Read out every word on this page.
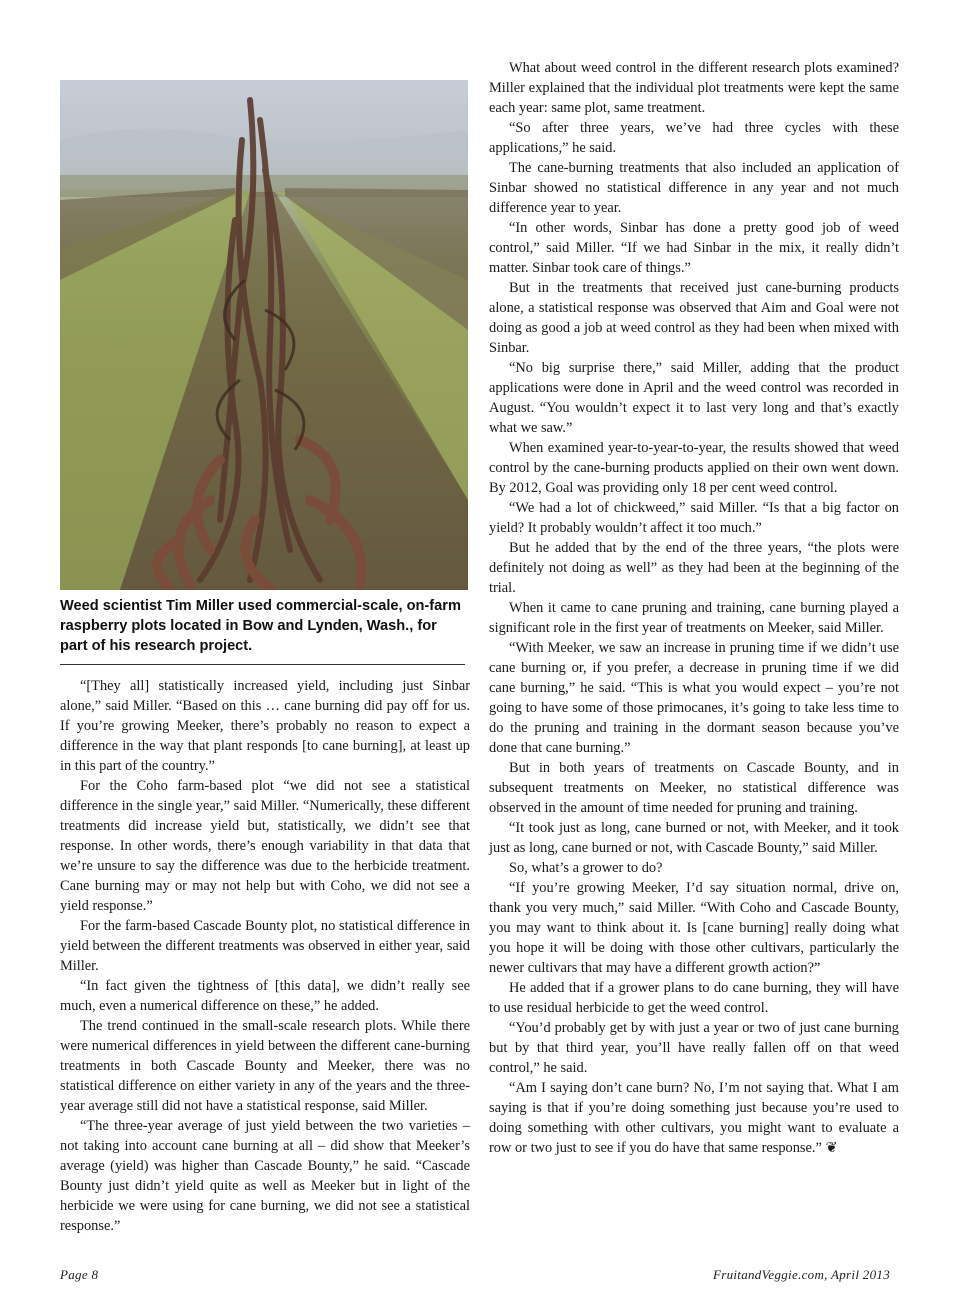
Weed scientist Tim Miller used commercial-scale, on-farm raspberry plots located in Bow and Lynden, Wash., for part of his research project.

“[They all] statistically increased yield, including just Sinbar alone,” said Miller. “Based on this … cane burning did pay off for us. If you’re growing Meeker, there’s probably no reason to expect a difference in the way that plant responds [to cane burning], at least up in this part of the country.”

For the Coho farm-based plot “we did not see a statistical difference in the single year,” said Miller. “Numerically, these different treatments did increase yield but, statistically, we didn’t see that response. In other words, there’s enough variability in that data that we’re unsure to say the difference was due to the herbicide treatment. Cane burning may or may not help but with Coho, we did not see a yield response.”

For the farm-based Cascade Bounty plot, no statistical difference in yield between the different treatments was observed in either year, said Miller.

“In fact given the tightness of [this data], we didn’t really see much, even a numerical difference on these,” he added.

The trend continued in the small-scale research plots. While there were numerical differences in yield between the different cane-burning treatments in both Cascade Bounty and Meeker, there was no statistical difference on either variety in any of the years and the three-year average still did not have a statistical response, said Miller.

“The three-year average of just yield between the two varieties – not taking into account cane burning at all – did show that Meeker’s average (yield) was higher than Cascade Bounty,” he said. “Cascade Bounty just didn’t yield quite as well as Meeker but in light of the herbicide we were using for cane burning, we did not see a statistical response.”

What about weed control in the different research plots examined? Miller explained that the individual plot treatments were kept the same each year: same plot, same treatment.

“So after three years, we’ve had three cycles with these applications,” he said.

The cane-burning treatments that also included an application of Sinbar showed no statistical difference in any year and not much difference year to year.

“In other words, Sinbar has done a pretty good job of weed control,” said Miller. “If we had Sinbar in the mix, it really didn’t matter. Sinbar took care of things.”

But in the treatments that received just cane-burning products alone, a statistical response was observed that Aim and Goal were not doing as good a job at weed control as they had been when mixed with Sinbar.

“No big surprise there,” said Miller, adding that the product applications were done in April and the weed control was recorded in August. “You wouldn’t expect it to last very long and that’s exactly what we saw.”

When examined year-to-year-to-year, the results showed that weed control by the cane-burning products applied on their own went down. By 2012, Goal was providing only 18 per cent weed control.

“We had a lot of chickweed,” said Miller. “Is that a big factor on yield? It probably wouldn’t affect it too much.”

But he added that by the end of the three years, “the plots were definitely not doing as well” as they had been at the beginning of the trial.

When it came to cane pruning and training, cane burning played a significant role in the first year of treatments on Meeker, said Miller.

“With Meeker, we saw an increase in pruning time if we didn’t use cane burning or, if you prefer, a decrease in pruning time if we did cane burning,” he said. “This is what you would expect – you’re not going to have some of those primocanes, it’s going to take less time to do the pruning and training in the dormant season because you’ve done that cane burning.”

But in both years of treatments on Cascade Bounty, and in subsequent treatments on Meeker, no statistical difference was observed in the amount of time needed for pruning and training.

“It took just as long, cane burned or not, with Meeker, and it took just as long, cane burned or not, with Cascade Bounty,” said Miller.

So, what’s a grower to do?

“If you’re growing Meeker, I’d say situation normal, drive on, thank you very much,” said Miller. “With Coho and Cascade Bounty, you may want to think about it. Is [cane burning] really doing what you hope it will be doing with those other cultivars, particularly the newer cultivars that may have a different growth action?”

He added that if a grower plans to do cane burning, they will have to use residual herbicide to get the weed control.

“You’d probably get by with just a year or two of just cane burning but by that third year, you’ll have really fallen off on that weed control,” he said.

“Am I saying don’t cane burn? No, I’m not saying that. What I am saying is that if you’re doing something just because you’re used to doing something with other cultivars, you might want to evaluate a row or two just to see if you do have that same response.” ❦

Page 8	FruitandVeggie.com, April 2013
